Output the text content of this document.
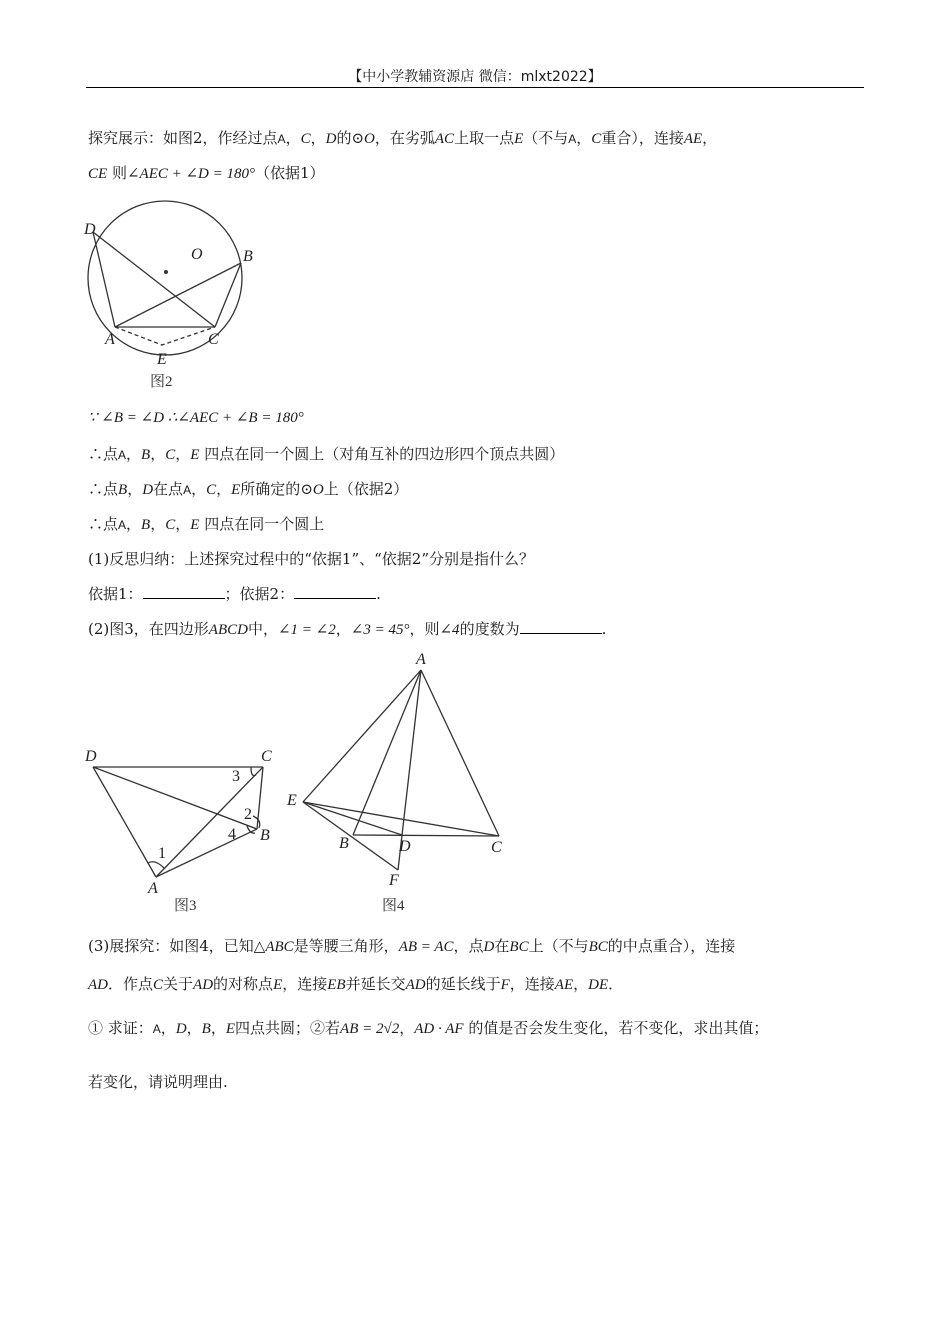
【中小学教辅资源店 微信：mlxt2022】
探究展示：如图2，作经过点A，C，D的⊙O，在劣弧AC上取一点E（不与A，C重合），连接AE，
CE 则∠AEC + ∠D = 180°（依据1）
D
O	B
A	C
E
图2
∵ ∠B = ∠D ∴∠AEC + ∠B = 180°
∴点A，B，C，E 四点在同一个圆上（对角互补的四边形四个顶点共圆）
∴点B，D在点A，C，E所确定的⊙O上（依据2）
∴点A，B，C，E 四点在同一个圆上
(1)反思归纳：上述探究过程中的“依据1”、“依据2”分别是指什么？
依据1：	；依据2：	.
(2)图3，在四边形ABCD中，∠1 = ∠2，∠3 = 45°，则∠4的度数为	.
D	C
3
2
4 B
1
A
图3
A
E
B	D	C
F
图4
(3)展探究：如图4，已知△ABC是等腰三角形，AB = AC，点D在BC上（不与BC的中点重合），连接
AD．作点C关于AD的对称点E，连接EB并延长交AD的延长线于F，连接AE，DE．
① 求证：A，D，B，E四点共圆；②若AB = 2√2，AD · AF 的值是否会发生变化，若不变化，求出其值；
若变化，请说明理由.
